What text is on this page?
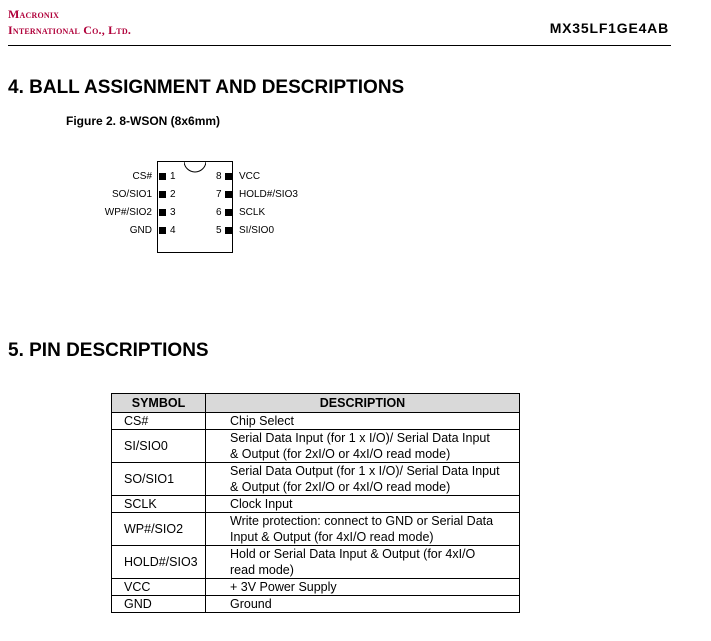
Macronix
International Co., Ltd.	MX35LF1GE4AB
4. BALL ASSIGNMENT AND DESCRIPTIONS
Figure 2. 8-WSON (8x6mm)
CS# 1
SO/SIO1 2
WP#/SIO2 3
GND 4
8 VCC
7 HOLD#/SIO3
6 SCLK
5 SI/SIO0
5. PIN DESCRIPTIONS
SYMBOL	DESCRIPTION
CS#	Chip Select

SI/SIO0	Serial Data Input (for 1 x I/O)/ Serial Data Input
& Output (for 2xI/O or 4xI/O read mode)

SO/SIO1	Serial Data Output (for 1 x I/O)/ Serial Data Input
& Output (for 2xI/O or 4xI/O read mode)

SCLK	Clock Input

WP#/SIO2	Write protection: connect to GND or Serial Data
Input & Output (for 4xI/O read mode)

HOLD#/SIO3	Hold or Serial Data Input & Output (for 4xI/O
read mode)

VCC	+ 3V Power Supply

GND	Ground
